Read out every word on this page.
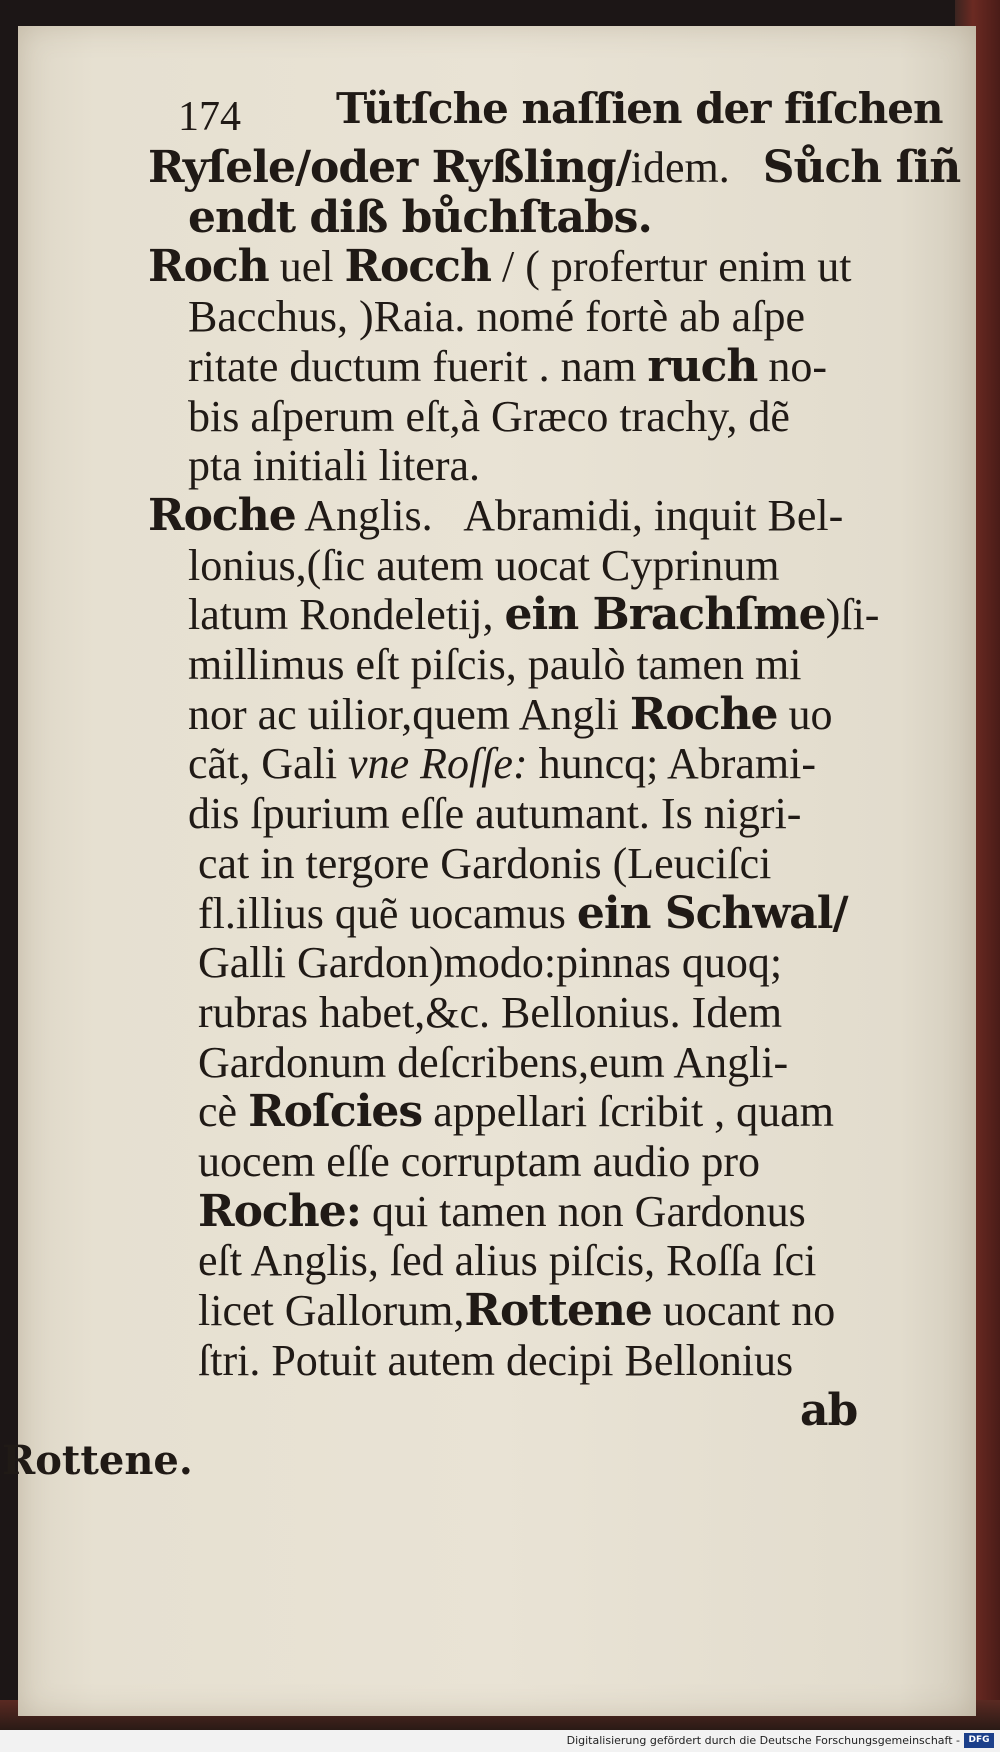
174 Tütſche naſſien der fiſchen
Ryſele/oder Ryßling/idem.   Sůch ſiñ
endt diß bůchſtabs.
Roch uel Rocch / ( profertur enim ut
Bacchus, )Raia. nomé fortè ab aſpe
ritate ductum fuerit . nam ruch no-
bis aſperum eſt,à Græco trachy, dẽ
pta initiali litera.
Roche Anglis.   Abramidi, inquit Bel-
lonius,(ſic autem uocat Cyprinum
latum Rondeletij, ein Brachſme)ſi-
millimus eſt piſcis, paulò tamen mi
nor ac uilior,quem Angli Roche uo
cãt, Gali vne Roſſe: huncq; Abrami-
dis ſpurium eſſe autumant. Is nigri-
cat in tergore Gardonis (Leuciſci
fl.illius quẽ uocamus ein Schwal/
Galli Gardon)modo:pinnas quoq;
rubras habet,&c. Bellonius. Idem
Gardonum deſcribens,eum Angli-
cè Roſcies appellari ſcribit , quam
uocem eſſe corruptam audio pro
Roche: qui tamen non Gardonus
eſt Anglis, ſed alius piſcis, Roſſa ſci
licet Gallorum,Rottene uocant no
ſtri. Potuit autem decipi Bellonius
ab
Rottene.
Digitalisierung gefördert durch die Deutsche Forschungsgemeinschaft - DFG
